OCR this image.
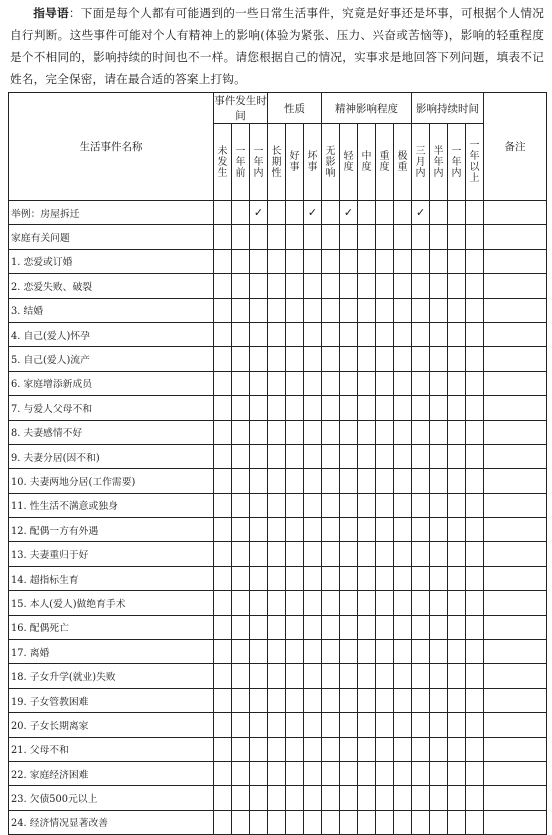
指导语：下面是每个人都有可能遇到的一些日常生活事件，究竟是好事还是坏事，可根据个人情况自行判断。这些事件可能对个人有精神上的影响(体验为紧张、压力、兴奋或苦恼等)，影响的轻重程度是个不相同的，影响持续的时间也不一样。请您根据自己的情况，实事求是地回答下列问题，填表不记姓名，完全保密，请在最合适的答案上打钩。
生活事件名称	事件发生时间			性质			精神影响程度					影响持续时间				备注
	未发生	一年前	一年内	长期性	好事	坏事	无影响	轻度	中度	重度	极重	三月内	半年内	一年内	一年以上	
举例：房屋拆迁			✓			✓		✓				✓				
家庭有关问题																
1. 恋爱或订婚																
2. 恋爱失败、破裂																
3. 结婚																
4. 自己(爱人)怀孕																
5. 自己(爱人)流产																
6. 家庭增添新成员																
7. 与爱人父母不和																
8. 夫妻感情不好																
9. 夫妻分居(因不和)																
10. 夫妻两地分居(工作需要)																
11. 性生活不满意或独身																
12. 配偶一方有外遇																
13. 夫妻重归于好																
14. 超指标生育																
15. 本人(爱人)做绝育手术																
16. 配偶死亡																
17. 离婚																
18. 子女升学(就业)失败																
19. 子女管教困难																
20. 子女长期离家																
21. 父母不和																
22. 家庭经济困难																
23. 欠债500元以上																
24. 经济情况显著改善																
